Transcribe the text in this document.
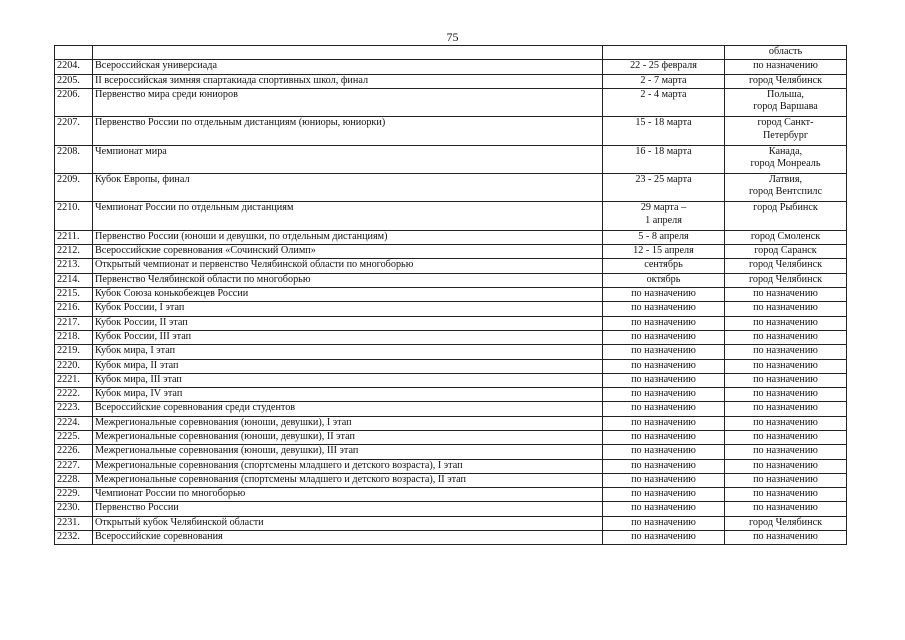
75
			область
2204.	Всероссийская универсиада	22 - 25 февраля	по назначению

2205.	II всероссийская зимняя спартакиада спортивных школ, финал	2 - 7 марта	город Челябинск

2206.	Первенство мира среди юниоров	2 - 4 марта	Польша,
город Варшава

2207.	Первенство России по отдельным дистанциям (юниоры, юниорки)	15 - 18 марта	город Санкт-
Петербург

2208.	Чемпионат мира	16 - 18 марта	Канада,
город Монреаль

2209.	Кубок Европы, финал	23 - 25 марта	Латвия,
город Вентспилс

2210.	Чемпионат России по отдельным дистанциям	29 марта –
1 апреля	город Рыбинск

2211.	Первенство России (юноши и девушки, по отдельным дистанциям)	5 - 8 апреля	город Смоленск

2212.	Всероссийские соревнования «Сочинский Олимп»	12 - 15 апреля	город Саранск

2213.	Открытый чемпионат и первенство Челябинской области по многоборью	сентябрь	город Челябинск

2214.	Первенство Челябинской области по многоборью	октябрь	город Челябинск

2215.	Кубок Союза конькобежцев России	по назначению	по назначению

2216.	Кубок России, I этап	по назначению	по назначению

2217.	Кубок России, II этап	по назначению	по назначению

2218.	Кубок России, III этап	по назначению	по назначению

2219.	Кубок мира, I этап	по назначению	по назначению

2220.	Кубок мира, II этап	по назначению	по назначению

2221.	Кубок мира, III этап	по назначению	по назначению

2222.	Кубок мира, IV этап	по назначению	по назначению

2223.	Всероссийские соревнования среди студентов	по назначению	по назначению

2224.	Межрегиональные соревнования (юноши, девушки), I этап	по назначению	по назначению

2225.	Межрегиональные соревнования (юноши, девушки), II этап	по назначению	по назначению

2226.	Межрегиональные соревнования (юноши, девушки), III этап	по назначению	по назначению

2227.	Межрегиональные соревнования (спортсмены младшего и детского возраста), I этап	по назначению	по назначению

2228.	Межрегиональные соревнования (спортсмены младшего и детского возраста), II этап	по назначению	по назначению

2229.	Чемпионат России по многоборью	по назначению	по назначению

2230.	Первенство России	по назначению	по назначению

2231.	Открытый кубок Челябинской области	по назначению	город Челябинск

2232.	Всероссийские соревнования	по назначению	по назначению
